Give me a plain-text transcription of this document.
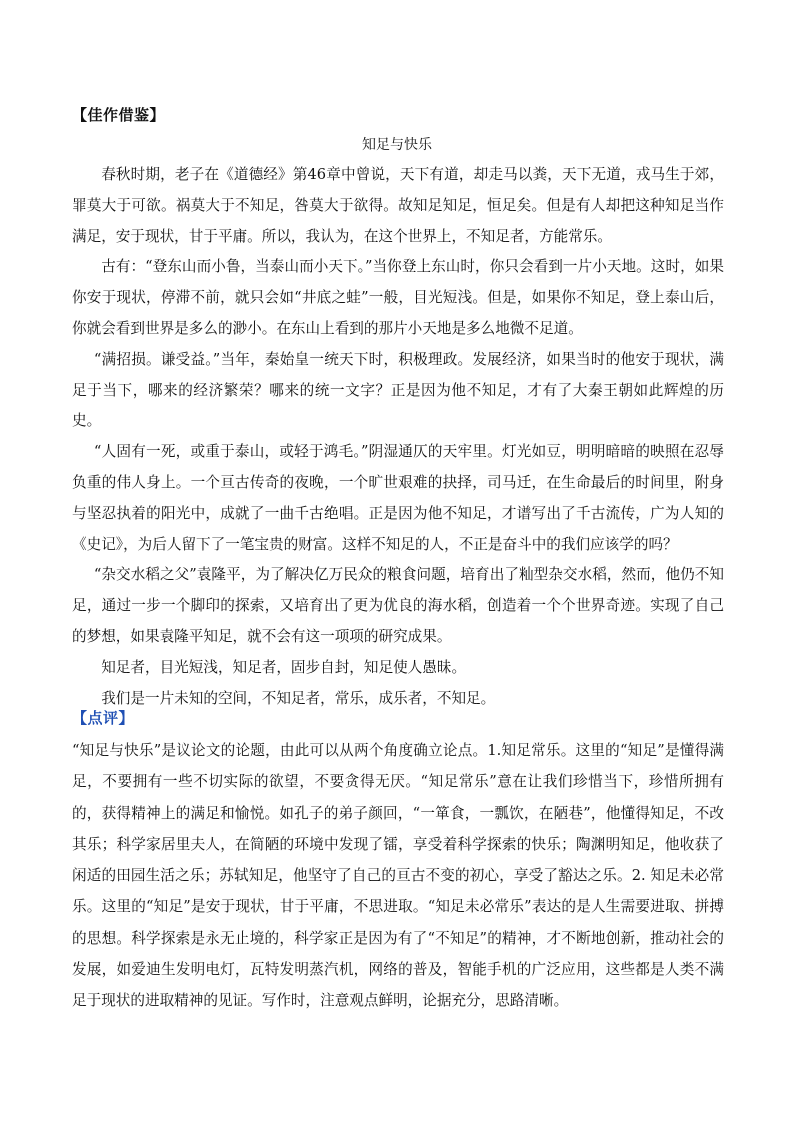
【佳作借鉴】
知足与快乐

春秋时期，老子在《道德经》第46章中曾说，天下有道，却走马以粪，天下无道，戎马生于郊，罪莫大于可欲。祸莫大于不知足，咎莫大于欲得。故知足知足，恒足矣。但是有人却把这种知足当作满足，安于现状，甘于平庸。所以，我认为，在这个世界上，不知足者，方能常乐。

古有：“登东山而小鲁，当泰山而小天下。”当你登上东山时，你只会看到一片小天地。这时，如果你安于现状，停滞不前，就只会如“井底之蛙”一般，目光短浅。但是，如果你不知足，登上泰山后，你就会看到世界是多么的渺小。在东山上看到的那片小天地是多么地微不足道。

“满招损。谦受益。”当年，秦始皇一统天下时，积极理政。发展经济，如果当时的他安于现状，满足于当下，哪来的经济繁荣？哪来的统一文字？正是因为他不知足，才有了大秦王朝如此辉煌的历史。

“人固有一死，或重于泰山，或轻于鸿毛。”阴湿通仄的天牢里。灯光如豆，明明暗暗的映照在忍辱负重的伟人身上。一个亘古传奇的夜晚，一个旷世艰难的抉择，司马迁，在生命最后的时间里，附身与坚忍执着的阳光中，成就了一曲千古绝唱。正是因为他不知足，才谱写出了千古流传，广为人知的《史记》，为后人留下了一笔宝贵的财富。这样不知足的人，不正是奋斗中的我们应该学的吗？

“杂交水稻之父”袁隆平，为了解决亿万民众的粮食问题，培育出了籼型杂交水稻，然而，他仍不知足，通过一步一个脚印的探索，又培育出了更为优良的海水稻，创造着一个个世界奇迹。实现了自己的梦想，如果袁隆平知足，就不会有这一项项的研究成果。

知足者，目光短浅，知足者，固步自封，知足使人愚昧。

我们是一片未知的空间，不知足者，常乐，成乐者，不知足。

【点评】

“知足与快乐”是议论文的论题，由此可以从两个角度确立论点。1.知足常乐。这里的“知足”是懂得满足，不要拥有一些不切实际的欲望，不要贪得无厌。“知足常乐”意在让我们珍惜当下，珍惜所拥有的，获得精神上的满足和愉悦。如孔子的弟子颜回，“一箪食，一瓢饮，在陋巷”，他懂得知足，不改其乐；科学家居里夫人，在简陋的环境中发现了镭，享受着科学探索的快乐；陶渊明知足，他收获了闲适的田园生活之乐；苏轼知足，他坚守了自己的亘古不变的初心，享受了豁达之乐。2. 知足未必常乐。这里的“知足”是安于现状，甘于平庸，不思进取。“知足未必常乐”表达的是人生需要进取、拼搏的思想。科学探索是永无止境的，科学家正是因为有了“不知足”的精神，才不断地创新，推动社会的发展，如爱迪生发明电灯，瓦特发明蒸汽机，网络的普及，智能手机的广泛应用，这些都是人类不满足于现状的进取精神的见证。写作时，注意观点鲜明，论据充分，思路清晰。
